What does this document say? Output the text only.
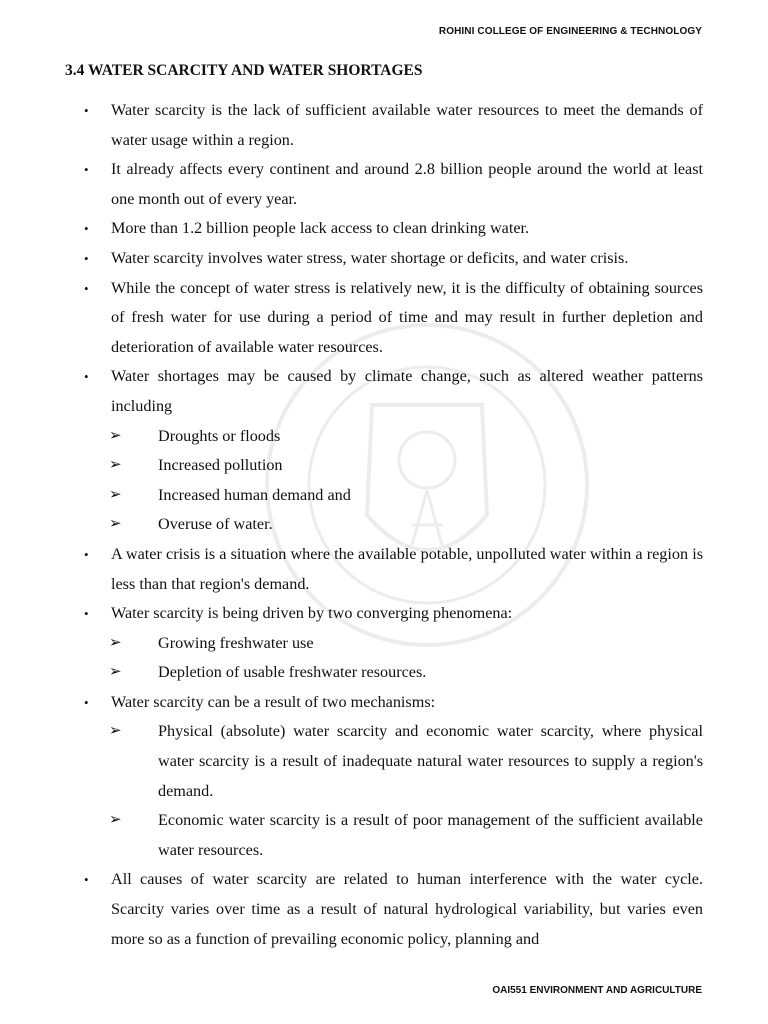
ROHINI COLLEGE OF ENGINEERING & TECHNOLOGY
3.4 WATER SCARCITY AND WATER SHORTAGES
• Water scarcity is the lack of sufficient available water resources to meet the demands of water usage within a region.
• It already affects every continent and around 2.8 billion people around the world at least one month out of every year.
• More than 1.2 billion people lack access to clean drinking water.
• Water scarcity involves water stress, water shortage or deficits, and water crisis.
• While the concept of water stress is relatively new, it is the difficulty of obtaining sources of fresh water for use during a period of time and may result in further depletion and deterioration of available water resources.
• Water shortages may be caused by climate change, such as altered weather patterns including
➢	Droughts or floods
➢	Increased pollution
➢	Increased human demand and
➢	Overuse of water.
• A water crisis is a situation where the available potable, unpolluted water within a region is less than that region's demand.
• Water scarcity is being driven by two converging phenomena:
➢	Growing freshwater use
➢	Depletion of usable freshwater resources.
• Water scarcity can be a result of two mechanisms:
➢	Physical (absolute) water scarcity and economic water scarcity, where physical water scarcity is a result of inadequate natural water resources to supply a region's demand.
➢	Economic water scarcity is a result of poor management of the sufficient available water resources.
• All causes of water scarcity are related to human interference with the water cycle. Scarcity varies over time as a result of natural hydrological variability, but varies even more so as a function of prevailing economic policy, planning and
OAI551 ENVIRONMENT AND AGRICULTURE
